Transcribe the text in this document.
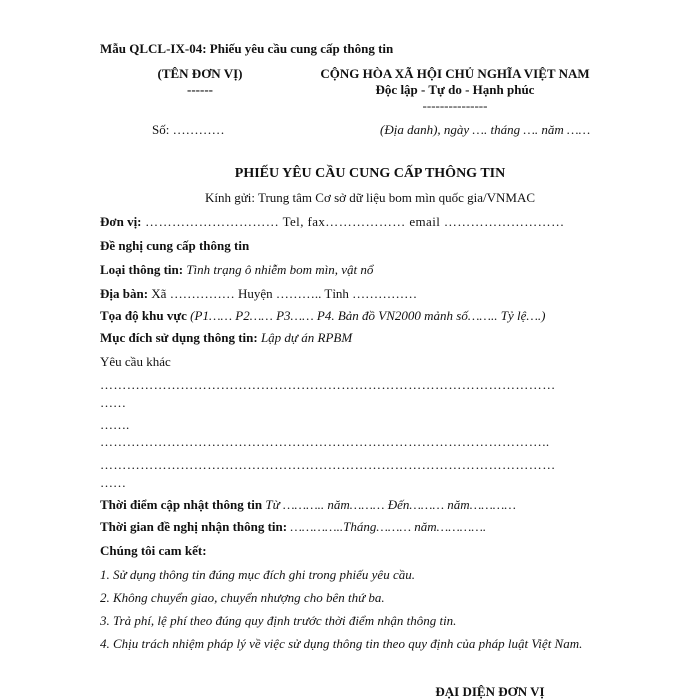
Mẫu QLCL-IX-04: Phiếu yêu cầu cung cấp thông tin
(TÊN ĐƠN VỊ)
------
CỘNG HÒA XÃ HỘI CHỦ NGHĨA VIỆT NAM
Độc lập - Tự do - Hạnh phúc
---------------
Số: …………	(Địa danh), ngày …. tháng …. năm ……
PHIẾU YÊU CẦU CUNG CẤP THÔNG TIN
Kính gửi: Trung tâm Cơ sở dữ liệu bom mìn quốc gia/VNMAC
Đơn vị: ………………………… Tel, fax……………… email ………………………
Đề nghị cung cấp thông tin
Loại thông tin: Tình trạng ô nhiễm bom mìn, vật nổ
Địa bàn: Xã …………… Huyện ……….. Tỉnh ……………
Tọa độ khu vực (P1…… P2…… P3…… P4. Bản đồ VN2000 mảnh số…….. Tỷ lệ….)
Mục đích sử dụng thông tin: Lập dự án RPBM
Yêu cầu khác
…………………………………………………………………………………………
……
…….
………………………………………………………………………………………..
…………………………………………………………………………………………
……
Thời điểm cập nhật thông tin Từ ……….. năm……… Đến……… năm…………
Thời gian đề nghị nhận thông tin: …………..Tháng……… năm………….
Chúng tôi cam kết:
1. Sử dụng thông tin đúng mục đích ghi trong phiếu yêu cầu.
2. Không chuyển giao, chuyển nhượng cho bên thứ ba.
3. Trả phí, lệ phí theo đúng quy định trước thời điểm nhận thông tin.
4. Chịu trách nhiệm pháp lý về việc sử dụng thông tin theo quy định của pháp luật Việt Nam.
ĐẠI DIỆN ĐƠN VỊ
